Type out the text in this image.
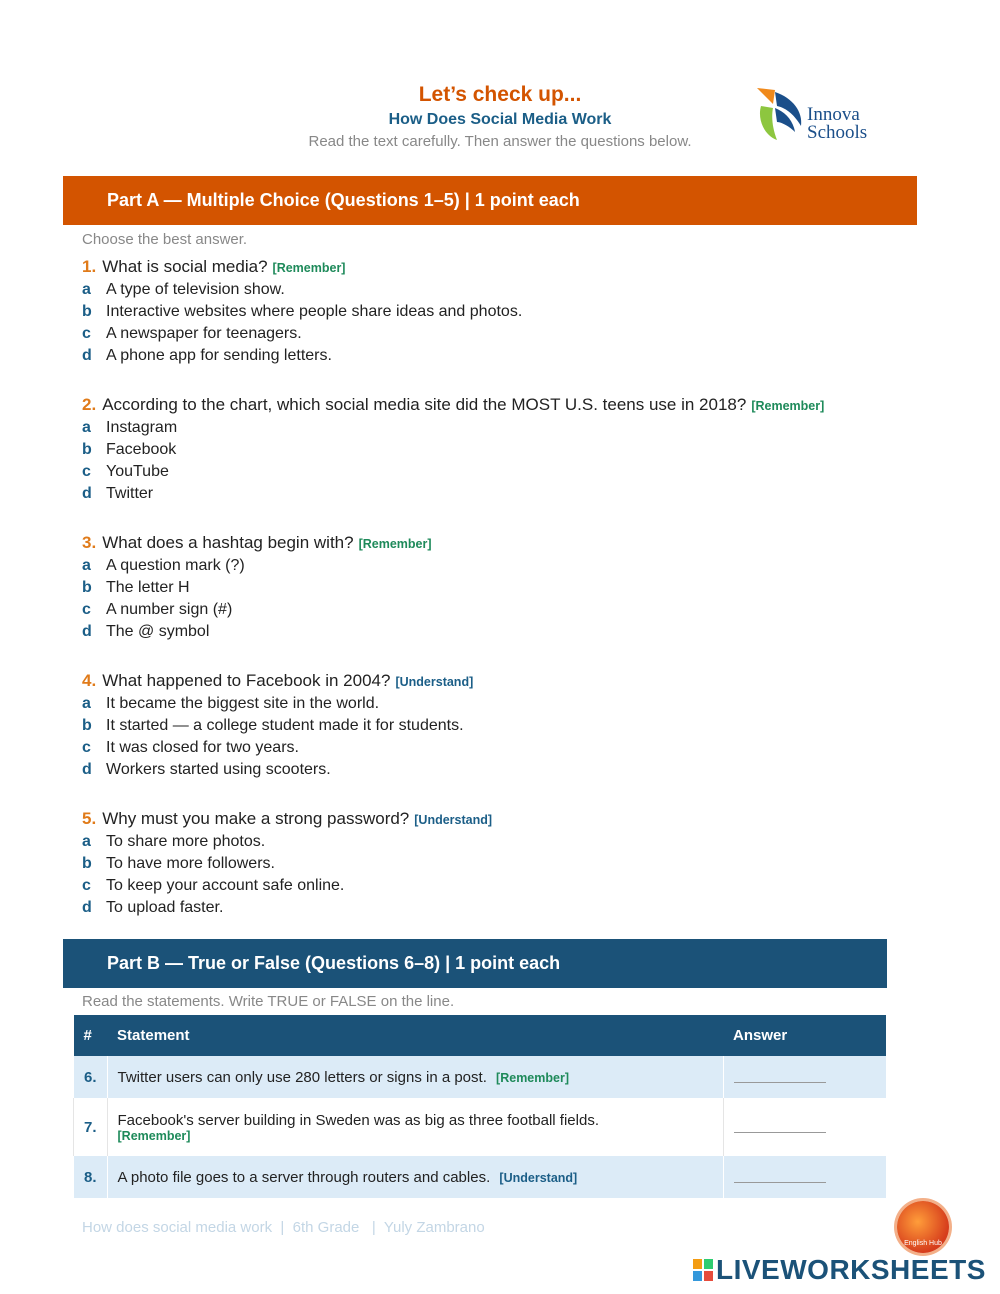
Let’s check up...
How Does Social Media Work
Read the text carefully. Then answer the questions below.
Innova
Schools
Part A — Multiple Choice (Questions 1–5) | 1 point each
Choose the best answer.
1. What is social media? [Remember]
a A type of television show.
b Interactive websites where people share ideas and photos.
c A newspaper for teenagers.
d A phone app for sending letters.
2. According to the chart, which social media site did the MOST U.S. teens use in 2018? [Remember]
a Instagram
b Facebook
c YouTube
d Twitter
3. What does a hashtag begin with? [Remember]
a A question mark (?)
b The letter H
c A number sign (#)
d The @ symbol
4. What happened to Facebook in 2004? [Understand]
a It became the biggest site in the world.
b It started — a college student made it for students.
c It was closed for two years.
d Workers started using scooters.
5. Why must you make a strong password? [Understand]
a To share more photos.
b To have more followers.
c To keep your account safe online.
d To upload faster.
Part B — True or False (Questions 6–8) | 1 point each
Read the statements. Write TRUE or FALSE on the line.
#	Statement	Answer
6.	Twitter users can only use 280 letters or signs in a post. [Remember]	
7.	Facebook's server building in Sweden was as big as three football fields.
[Remember]	

8.	A photo file goes to a server through routers and cables. [Understand]	
How does social media work  |  6th Grade   |  Yuly Zambrano
English Hub
LIVEWORKSHEETS
